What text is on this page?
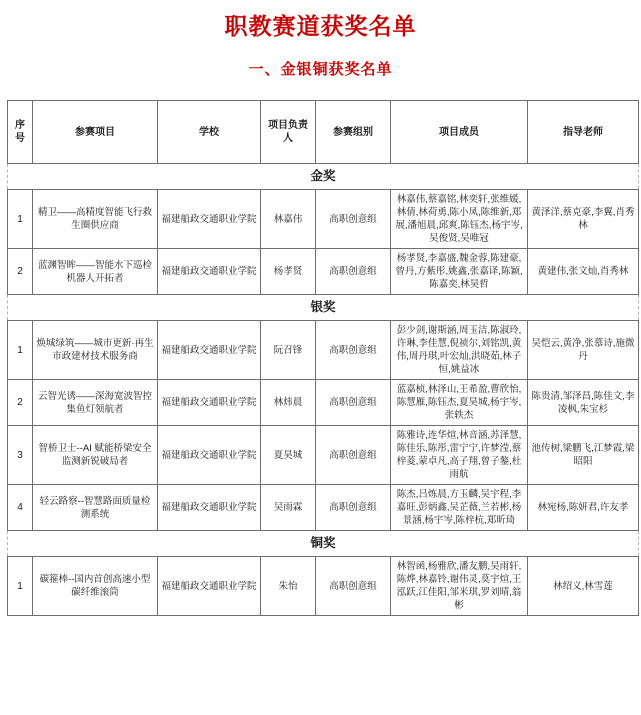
职教赛道获奖名单
一、金银铜获奖名单
序号	参赛项目	学校	项目负责人	参赛组别	项目成员	指导老师
金奖						
1	精卫——高精度智能飞行救生圈供应商	福建船政交通职业学院	林嘉伟	高职创意组	林嘉伟,蔡嘉铭,林奕轩,张维媛,林倩,林荷勇,陈小凤,陈维新,郑展,潘旭晨,邱爽,陈钰杰,杨宇岑,吴俊贤,吴唯冠	黄泽洋,蔡克豪,李翼,肖秀林
2	蓝渊智眸——智能水下巡检机器人开拓者	福建船政交通职业学院	杨孝贤	高职创意组	杨孝贤,李嘉盛,魏金蓉,陈建豪,曾丹,方紫彤,姚鑫,张嘉译,陈颖,陈嘉奕,林昊哲	黄建伟,张文灿,肖秀林
银奖						
1	焕城绿筑——城市更新·再生市政建材技术服务商	福建船政交通职业学院	阮召锋	高职创意组	彭少剑,谢斯涵,周玉洁,陈淑玲,许琳,李佳慧,倪祯尔,刘铭凯,黄伟,周丹琪,叶宏灿,洪晓茹,林子恒,姚益冰	吴恺云,黄净,张慕诗,施微丹
2	云智光诱——深海宽波智控集鱼灯领航者	福建船政交通职业学院	林炜晨	高职创意组	蓝嘉桢,林泽山,王希盈,曹欣怡,陈慧雁,陈钰杰,夏昊城,杨宇岑,张轶杰	陈贵清,邹泽昌,陈佳文,李凌枫,朱宝杉
3	智桥卫士--AI 赋能桥梁安全监测新锐破局者	福建船政交通职业学院	夏昊城	高职创意组	陈雅诗,连华煊,林音涵,苏泽慧,陈佳乐,陈彤,雷宁宁,许梦滢,蔡梓菱,蒙卓凡,高子翔,曾子鏊,杜雨航	池传树,梁鹏飞,江梦霞,梁昭阳
4	轻云路察--智慧路面质量检测系统	福建船政交通职业学院	吴雨霖	高职创意组	陈杰,吕炼晨,方玉麟,吴宇程,李嘉旺,彭炳鑫,吴芷薇,兰若彬,杨景涵,杨宇岑,陈梓杭,郑昕琦	林宛杨,陈妍君,许友孝
铜奖						
1	碳箍棒--国内首创高速小型碳纤维滚筒	福建船政交通职业学院	朱怡	高职创意组	林智函,杨雅欣,潘友鹏,吴雨轩,陈烨,林嘉铃,谢伟灵,莫宇煊,王泓跃,江佳阳,邹米琪,罗刘晴,翁彬	林绍义,林雪莲
